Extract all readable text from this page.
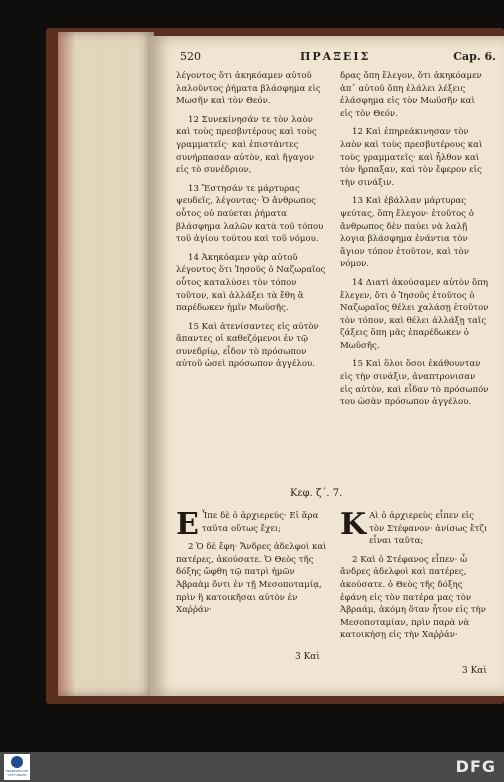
520	ΠΡΑΞΕΙΣ	Cap. 6.

λέγοντος ὅτι ἀκηκόαμεν αὐτοῦ λαλοῦντος ῥήματα βλάσφημα εἰς Μωσῆν καὶ τὸν Θεόν.

12 Συνεκίνησάν τε τὸν λαὸν καὶ τοὺς πρεσβυτέρους καὶ τοὺς γραμματεῖς· καὶ ἐπιστάντες συνήρπασαν αὐτὸν, καὶ ἤγαγον εἰς τὸ συνέδριον,

13 Ἔστησάν τε μάρτυρας ψευδεῖς, λέγοντας· Ὁ ἄνθρωπος οὗτος οὐ παύεται ῥήματα βλάσφημα λαλῶν κατὰ τοῦ τόπου τοῦ ἁγίου τούτου καὶ τοῦ νόμου.

14 Ἀκηκόαμεν γὰρ αὐτοῦ λέγοντος ὅτι Ἰησοῦς ὁ Ναζωραῖος οὗτος καταλύσει τὸν τόπον τοῦτον, καὶ ἀλλάξει τὰ ἔθη ἃ παρέδωκεν ἡμῖν Μωϋσῆς.

15 Καὶ ἀτενίσαντες εἰς αὐτὸν ἅπαντες οἱ καθεζόμενοι ἐν τῷ συνεδρίῳ, εἶδον τὸ πρόσωπον αὐτοῦ ὡσεὶ πρόσωπον ἀγγέλου.

δρας ὅπη ἔλεγον, ὅτι ἀκηκόαμεν ἀπ᾽ αὐτοῦ ὅπη ἐλάλει λέξεις ἐλάσφημα εἰς τὸν Μωϋσῆν καὶ εἰς τὸν Θεόν.

12 Καὶ ἐπηρεάκινησαν τὸν λαὸν καὶ τοὺς πρεσβυτέρους καὶ τοὺς γραμματεῖς· καὶ ἦλθον καὶ τὸν ἥρπαξαν, καὶ τὸν ἔφερον εἰς τὴν σινάξιν.

13 Καὶ ἐβάλλαν μάρτυρας ψεύτας, ὅπη ἔλεγον· ἐτοῦτος ὁ ἄνθρωπος δὲν παύει νὰ λαλῇ λογια βλάσφημα ἐνάντια τὸν ἅγιον τόπον ἐτοῦτον, καὶ τὸν νόμον.

14 Διατὶ ἀκούσαμεν αὐτὸν ὅπη ἔλεγεν, ὅτι ὁ Ἰησοῦς ἐτοῦτος ὁ Ναζωραῖος θέλει χαλάσῃ ἐτοῦτον τὸν τόπον, καὶ θέλει ἀλλάξῃ ταῖς ζάξεις ὅπη μᾶς ἐπαρέδωκεν ὁ Μωϋσῆς.

15 Καὶ ὅλοι ὅσοι ἐκάθουνταν εἰς τὴν σινάξιν, ἀναπτρονισαν εἰς αὐτὸν, καὶ εἶδαν τὸ πρόσωπόν του ὡσὰν πρόσωπον ἀγγέλου.

Κεφ. ζ΄. 7.

Ε Ἶπε δὲ ὁ ἀρχιερεύς· Εἰ ἄρα ταῦτα οὕτως ἔχει;

2 Ὁ δὲ ἔφη· Ἄνδρες ἀδελφοὶ καὶ πατέρες, ἀκούσατε. Ὁ Θεὸς τῆς δόξης ὤφθη τῷ πατρὶ ἡμῶν Ἀβραὰμ ὄντι ἐν τῇ Μεσοποταμίᾳ, πρὶν ἢ κατοικῆσαι αὐτὸν ἐν Χαῤῥάν·

Κ Αὶ ὁ ἀρχιερεὺς εἶπεν εἰς τὸν Στέφανον· ἀνίσως ἔτζι εἶναι ταῦτα;

2 Καὶ ὁ Στέφανος εἶπεν· ὦ ἄνδρες ἀδελφοὶ καὶ πατέρες, ἀκούσατε. ὁ Θεὸς τῆς δόξης ἐφάνη εἰς τὸν πατέρα μας τὸν Ἀβραάμ, ἀκόμη ὅταν ἦτον εἰς τὴν Μεσοποταμίαν, πρὶν παρὰ νὰ κατοικήσῃ εἰς τὴν Χαῤῥάν·

3 Καὶ
3 Καὶ
FRANCKESCHE STIFTUNGEN	DFG
